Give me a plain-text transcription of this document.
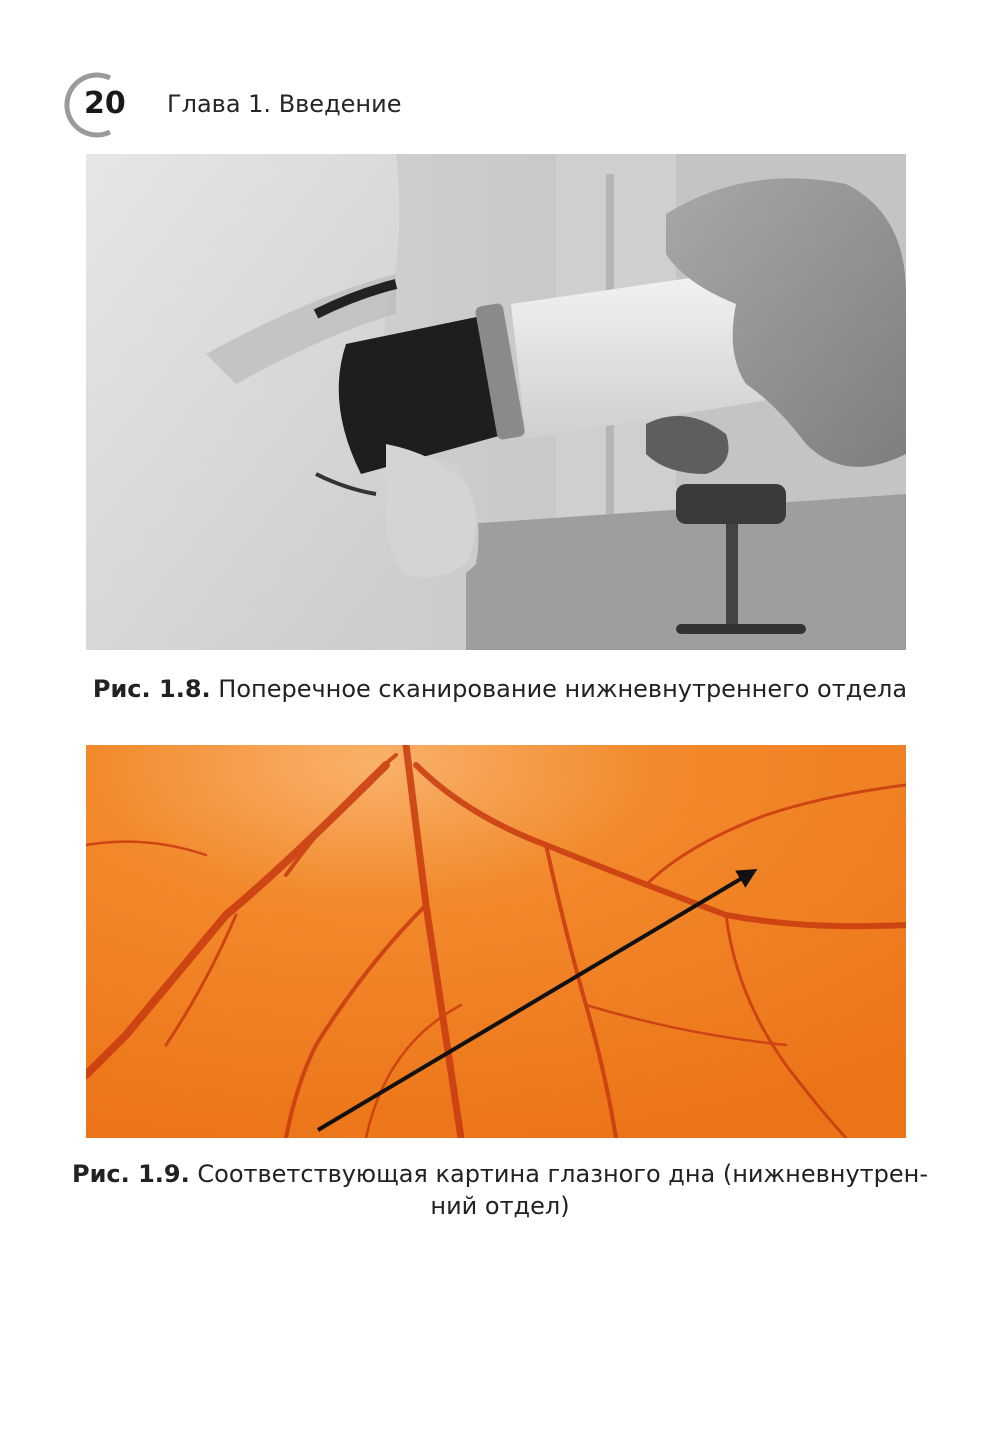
20 Глава 1. Введение
Рис. 1.8. Поперечное сканирование нижневнутреннего отдела
Рис. 1.9. Соответствующая картина глазного дна (нижневнутрен-
ний отдел)
